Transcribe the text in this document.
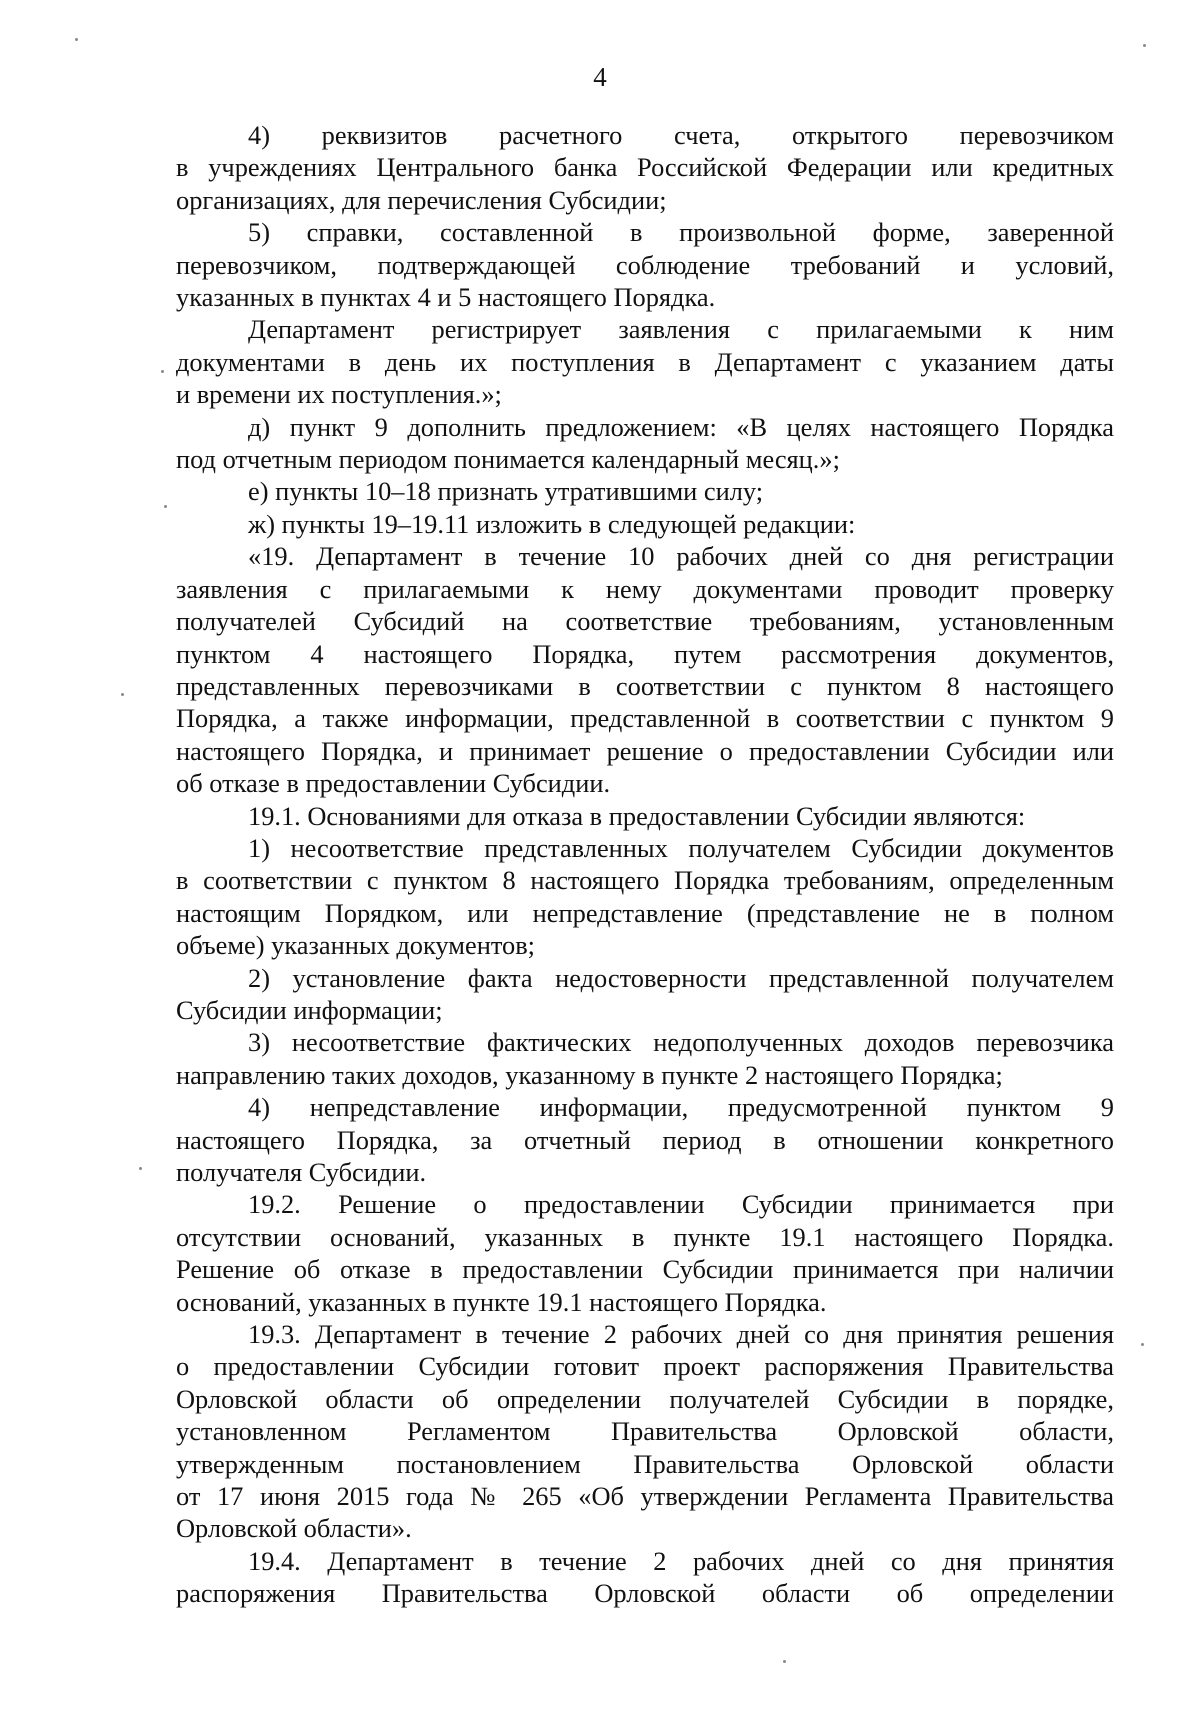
4
4) реквизитов расчетного счета, открытого перевозчиком
в учреждениях Центрального банка Российской Федерации или кредитных
организациях, для перечисления Субсидии;
5) справки, составленной в произвольной форме, заверенной
перевозчиком, подтверждающей соблюдение требований и условий,
указанных в пунктах 4 и 5 настоящего Порядка.
Департамент регистрирует заявления с прилагаемыми к ним
документами в день их поступления в Департамент с указанием даты
и времени их поступления.»;
д) пункт 9 дополнить предложением: «В целях настоящего Порядка
под отчетным периодом понимается календарный месяц.»;
е) пункты 10–18 признать утратившими силу;
ж) пункты 19–19.11 изложить в следующей редакции:
«19. Департамент в течение 10 рабочих дней со дня регистрации
заявления с прилагаемыми к нему документами проводит проверку
получателей Субсидий на соответствие требованиям, установленным
пунктом 4 настоящего Порядка, путем рассмотрения документов,
представленных перевозчиками в соответствии с пунктом 8 настоящего
Порядка, а также информации, представленной в соответствии с пунктом 9
настоящего Порядка, и принимает решение о предоставлении Субсидии или
об отказе в предоставлении Субсидии.
19.1. Основаниями для отказа в предоставлении Субсидии являются:
1) несоответствие представленных получателем Субсидии документов
в соответствии с пунктом 8 настоящего Порядка требованиям, определенным
настоящим Порядком, или непредставление (представление не в полном
объеме) указанных документов;
2) установление факта недостоверности представленной получателем
Субсидии информации;
3) несоответствие фактических недополученных доходов перевозчика
направлению таких доходов, указанному в пункте 2 настоящего Порядка;
4) непредставление информации, предусмотренной пунктом 9
настоящего Порядка, за отчетный период в отношении конкретного
получателя Субсидии.
19.2. Решение о предоставлении Субсидии принимается при
отсутствии оснований, указанных в пункте 19.1 настоящего Порядка.
Решение об отказе в предоставлении Субсидии принимается при наличии
оснований, указанных в пункте 19.1 настоящего Порядка.
19.3. Департамент в течение 2 рабочих дней со дня принятия решения
о предоставлении Субсидии готовит проект распоряжения Правительства
Орловской области об определении получателей Субсидии в порядке,
установленном Регламентом Правительства Орловской области,
утвержденным постановлением Правительства Орловской области
от 17 июня 2015 года № 265 «Об утверждении Регламента Правительства
Орловской области».
19.4. Департамент в течение 2 рабочих дней со дня принятия
распоряжения Правительства Орловской области об определении
